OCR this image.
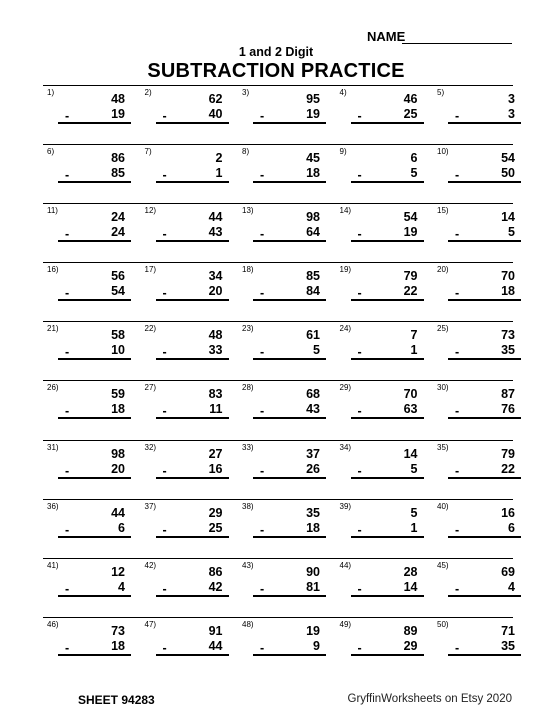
NAME
1 and 2 Digit
SUBTRACTION PRACTICE
1)	48
-	19
2)	62
-	40
3)	95
-	19
4)	46
-	25
5)	3
-	3
6)	86
-	85
7)	2
-	1
8)	45
-	18
9)	6
-	5
10)	54
-	50
11)	24
-	24
12)	44
-	43
13)	98
-	64
14)	54
-	19
15)	14
-	5
16)	56
-	54
17)	34
-	20
18)	85
-	84
19)	79
-	22
20)	70
-	18
21)	58
-	10
22)	48
-	33
23)	61
-	5
24)	7
-	1
25)	73
-	35
26)	59
-	18
27)	83
-	11
28)	68
-	43
29)	70
-	63
30)	87
-	76
31)	98
-	20
32)	27
-	16
33)	37
-	26
34)	14
-	5
35)	79
-	22
36)	44
-	6
37)	29
-	25
38)	35
-	18
39)	5
-	1
40)	16
-	6
41)	12
-	4
42)	86
-	42
43)	90
-	81
44)	28
-	14
45)	69
-	4
46)	73
-	18
47)	91
-	44
48)	19
-	9
49)	89
-	29
50)	71
-	35
SHEET 94283	GryffinWorksheets on Etsy 2020
